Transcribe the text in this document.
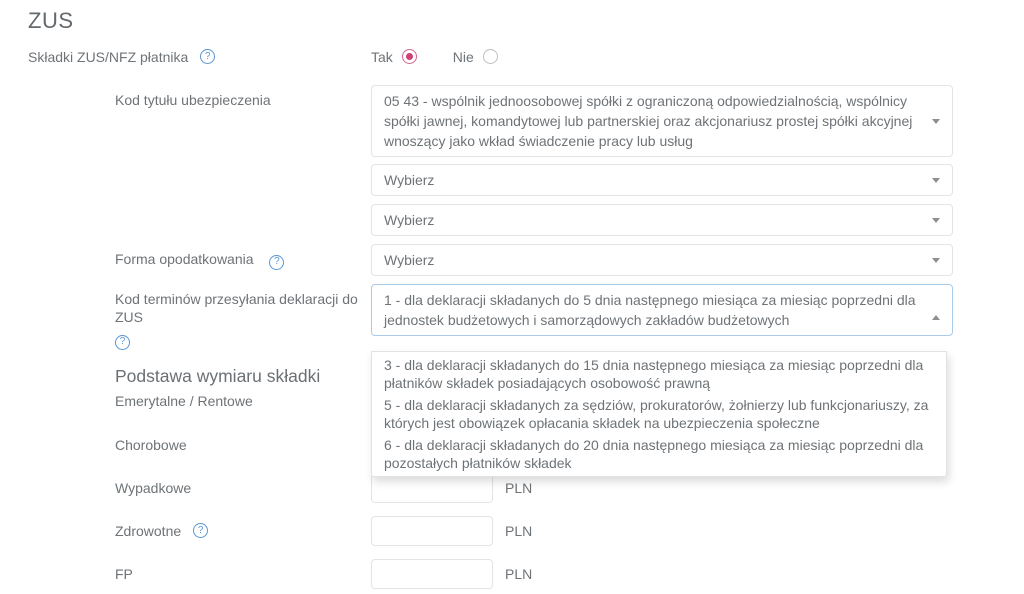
ZUS
Składki ZUS/NFZ płatnika	?	Tak	Nie
Kod tytułu ubezpieczenia	05 43 - wspólnik jednoosobowej spółki z ograniczoną odpowiedzialnością, wspólnicy spółki jawnej, komandytowej lub partnerskiej oraz akcjonariusz prostej spółki akcyjnej wnoszący jako wkład świadczenie pracy lub usług
Wybierz
Wybierz
Forma opodatkowania ?	Wybierz
Kod terminów przesyłania deklaracji do ZUS
?
1 - dla deklaracji składanych do 5 dnia następnego miesiąca za miesiąc poprzedni dla jednostek budżetowych i samorządowych zakładów budżetowych
3 - dla deklaracji składanych do 15 dnia następnego miesiąca za miesiąc poprzedni dla płatników składek posiadających osobowość prawną
5 - dla deklaracji składanych za sędziów, prokuratorów, żołnierzy lub funkcjonariuszy, za których jest obowiązek opłacania składek na ubezpieczenia społeczne
6 - dla deklaracji składanych do 20 dnia następnego miesiąca za miesiąc poprzedni dla pozostałych płatników składek
Podstawa wymiaru składki
Emerytalne / Rentowe
Chorobowe
Wypadkowe	PLN
Zdrowotne	?	PLN
FP	PLN
